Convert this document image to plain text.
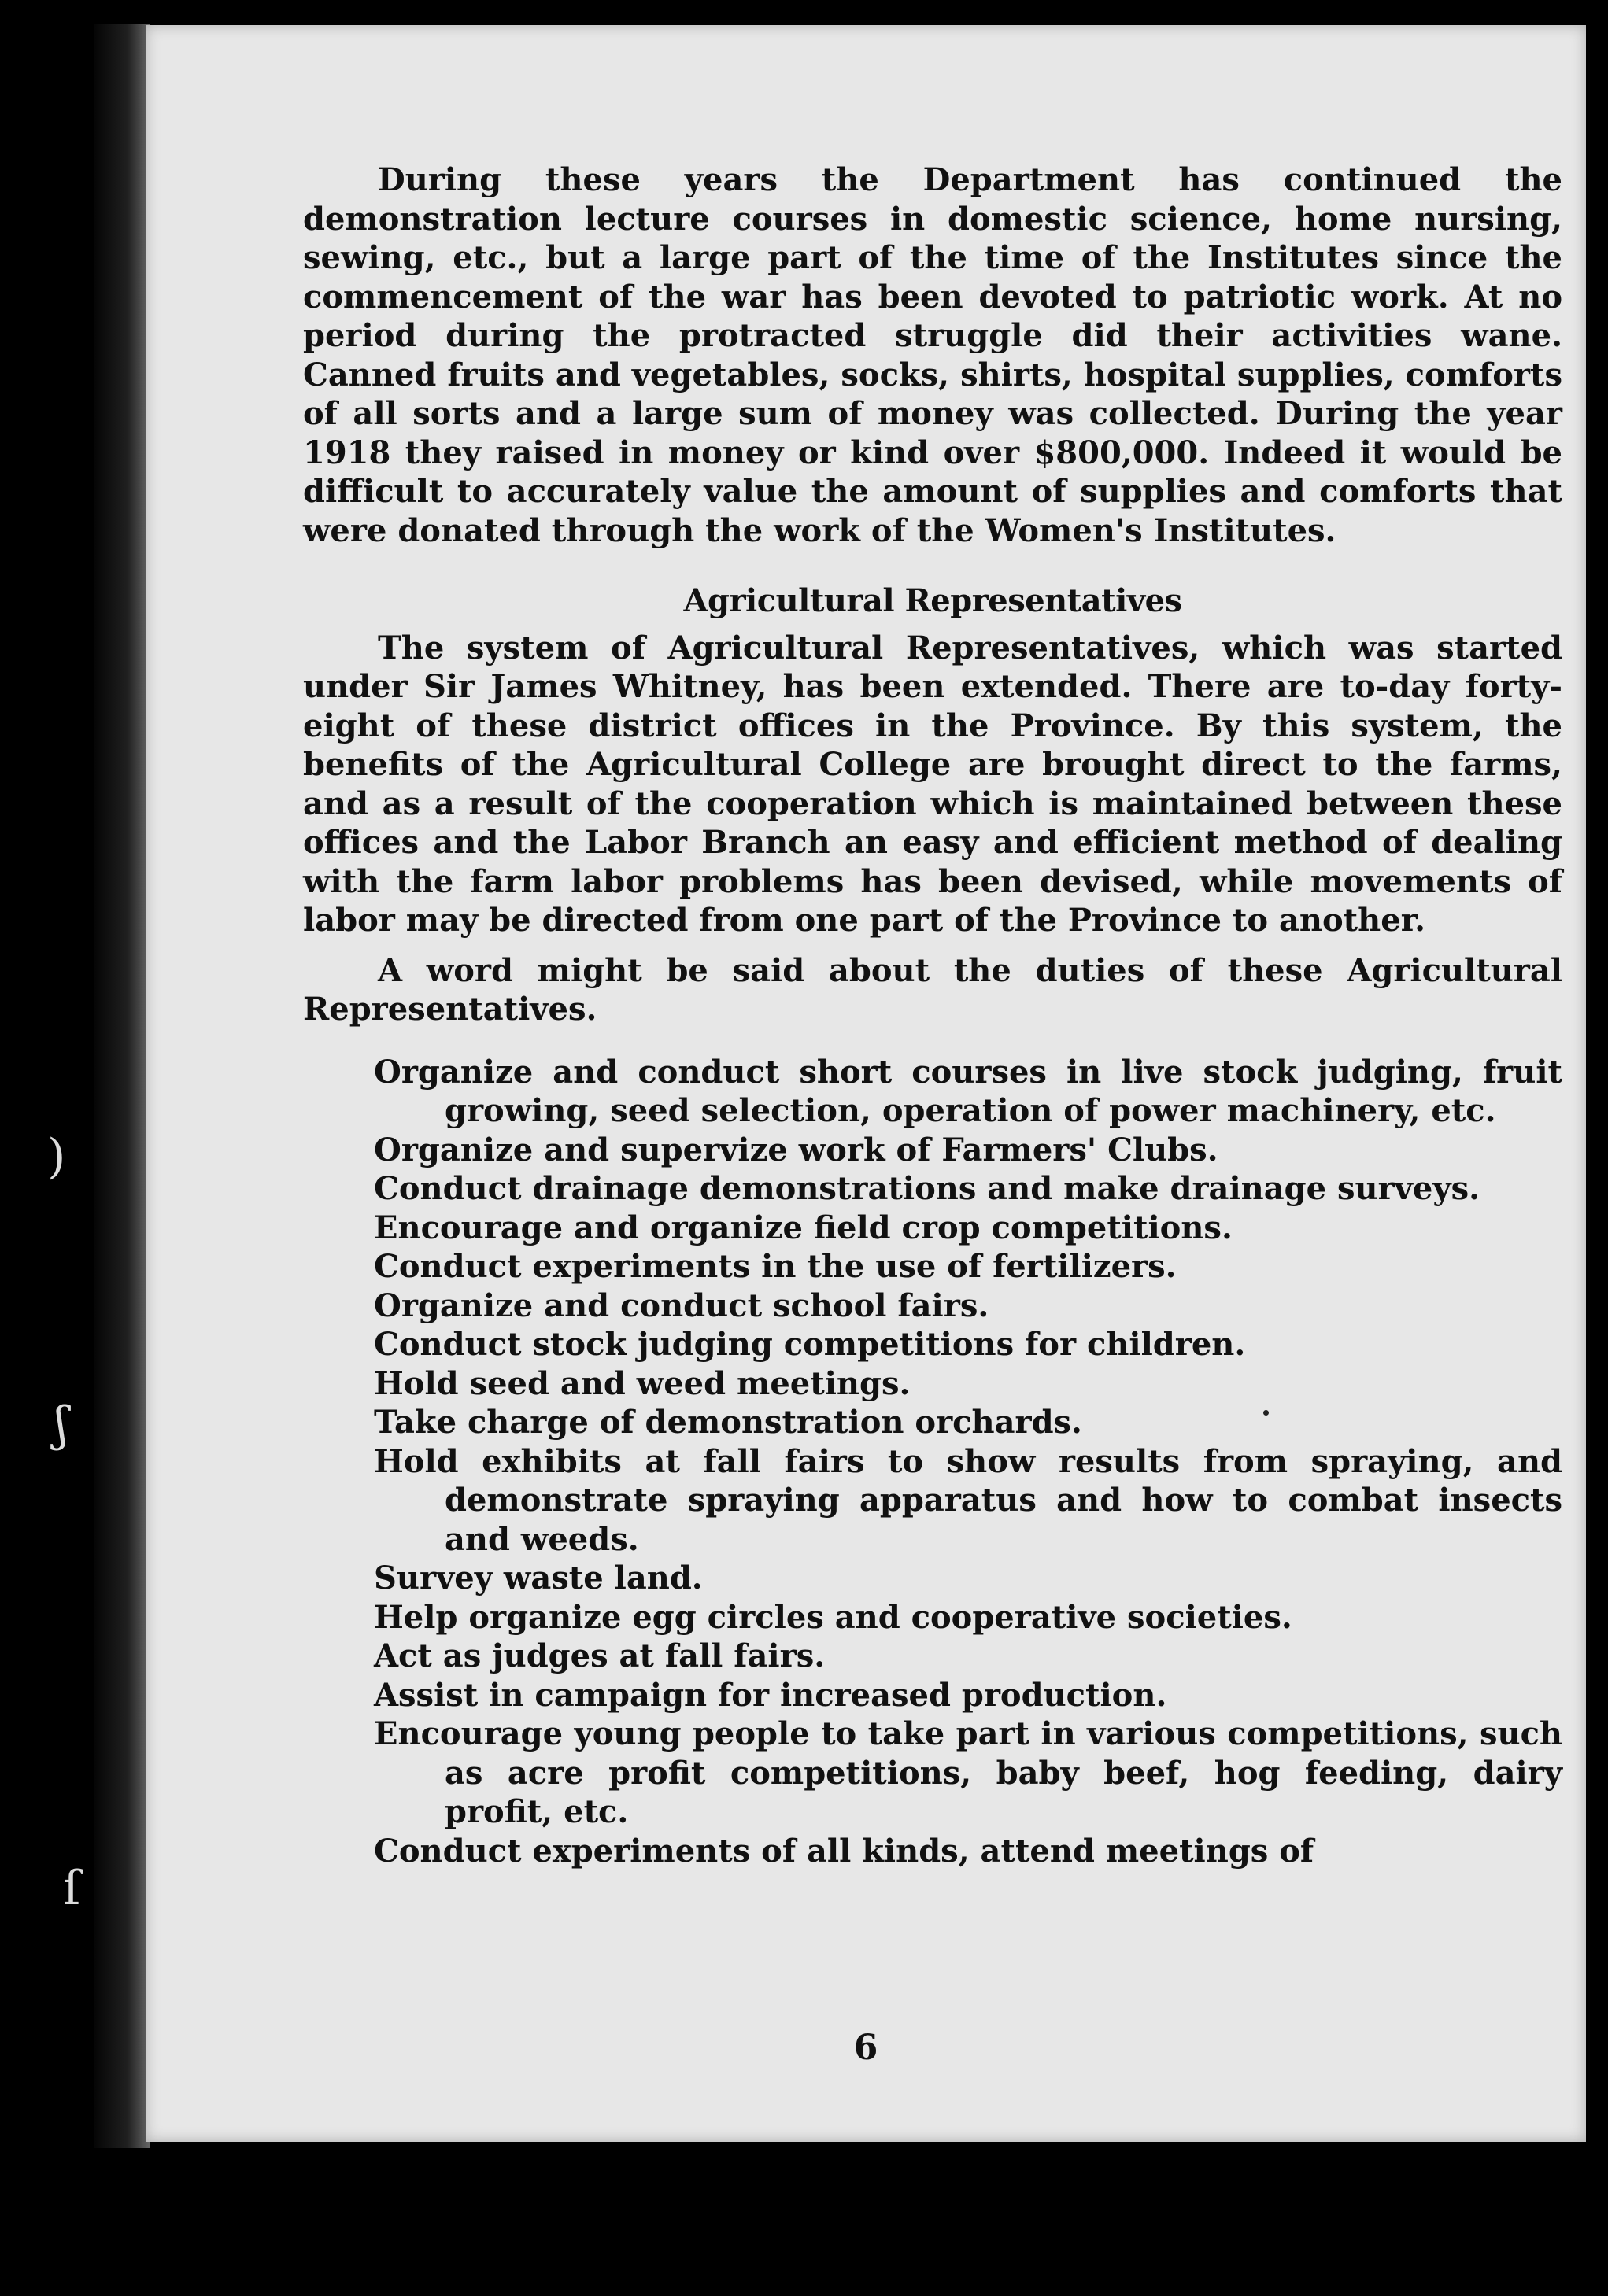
)
ʃ
ſ

During these years the Department has continued the demonstration lecture courses in domestic science, home nursing, sewing, etc., but a large part of the time of the Institutes since the commencement of the war has been devoted to patriotic work. At no period during the protracted struggle did their activities wane. Canned fruits and vegetables, socks, shirts, hospital supplies, comforts of all sorts and a large sum of money was collected. During the year 1918 they raised in money or kind over $800,000. Indeed it would be difficult to accurately value the amount of supplies and comforts that were donated through the work of the Women's Institutes.

Agricultural Representatives

The system of Agricultural Representatives, which was started under Sir James Whitney, has been extended. There are to-day forty-eight of these district offices in the Province. By this system, the benefits of the Agricultural College are brought direct to the farms, and as a result of the cooperation which is maintained between these offices and the Labor Branch an easy and efficient method of dealing with the farm labor problems has been devised, while movements of labor may be directed from one part of the Province to another.

A word might be said about the duties of these Agricultural Representatives.

Organize and conduct short courses in live stock judging, fruit growing, seed selection, operation of power machinery, etc.
Organize and supervize work of Farmers' Clubs.
Conduct drainage demonstrations and make drainage surveys.
Encourage and organize field crop competitions.
Conduct experiments in the use of fertilizers.
Organize and conduct school fairs.
Conduct stock judging competitions for children.
Hold seed and weed meetings.
Take charge of demonstration orchards.
Hold exhibits at fall fairs to show results from spraying, and demonstrate spraying apparatus and how to combat insects and weeds.
Survey waste land.
Help organize egg circles and cooperative societies.
Act as judges at fall fairs.
Assist in campaign for increased production.
Encourage young people to take part in various competitions, such as acre profit competitions, baby beef, hog feeding, dairy profit, etc.
Conduct experiments of all kinds, attend meetings of
6
